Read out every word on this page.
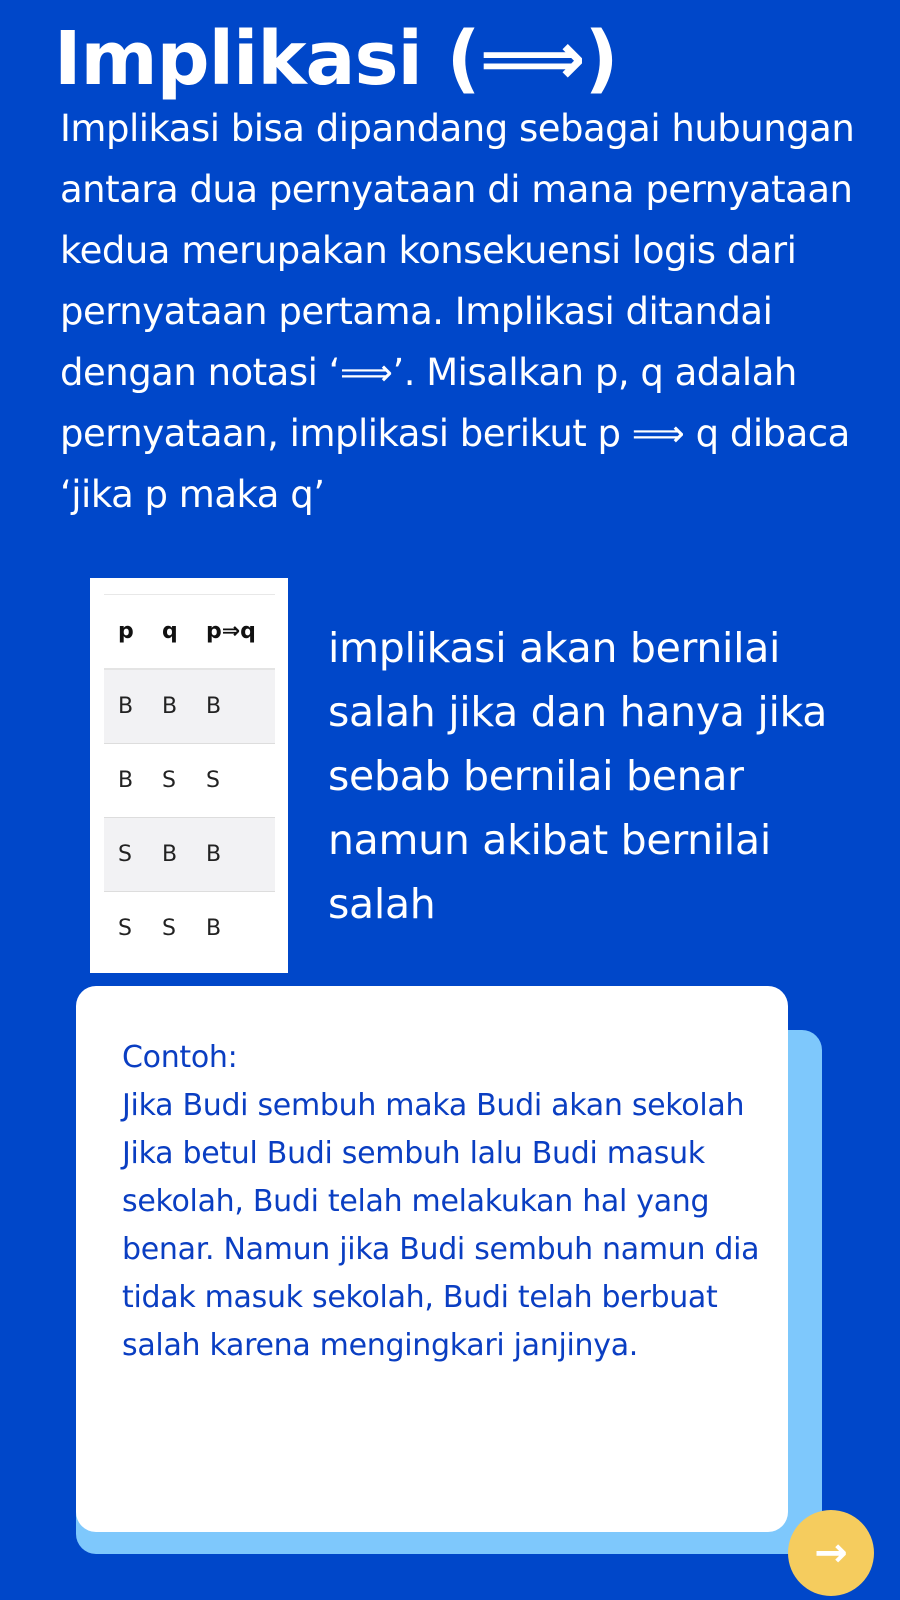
Implikasi (⟹)

Implikasi bisa dipandang sebagai hubungan antara dua pernyataan di mana pernyataan kedua merupakan konsekuensi logis dari pernyataan pertama. Implikasi ditandai dengan notasi ‘⟹’. Misalkan p, q adalah pernyataan, implikasi berikut p ⟹ q dibaca ‘jika p maka q’

p	q	p⇒q
B	B	B
B	S	S
S	B	B
S	S	B

implikasi akan bernilai salah jika dan hanya jika sebab bernilai benar namun akibat bernilai salah

Contoh:
Jika Budi sembuh maka Budi akan sekolah
Jika betul Budi sembuh lalu Budi masuk sekolah, Budi telah melakukan hal yang benar. Namun jika Budi sembuh namun dia tidak masuk sekolah, Budi telah berbuat salah karena mengingkari janjinya.

→
